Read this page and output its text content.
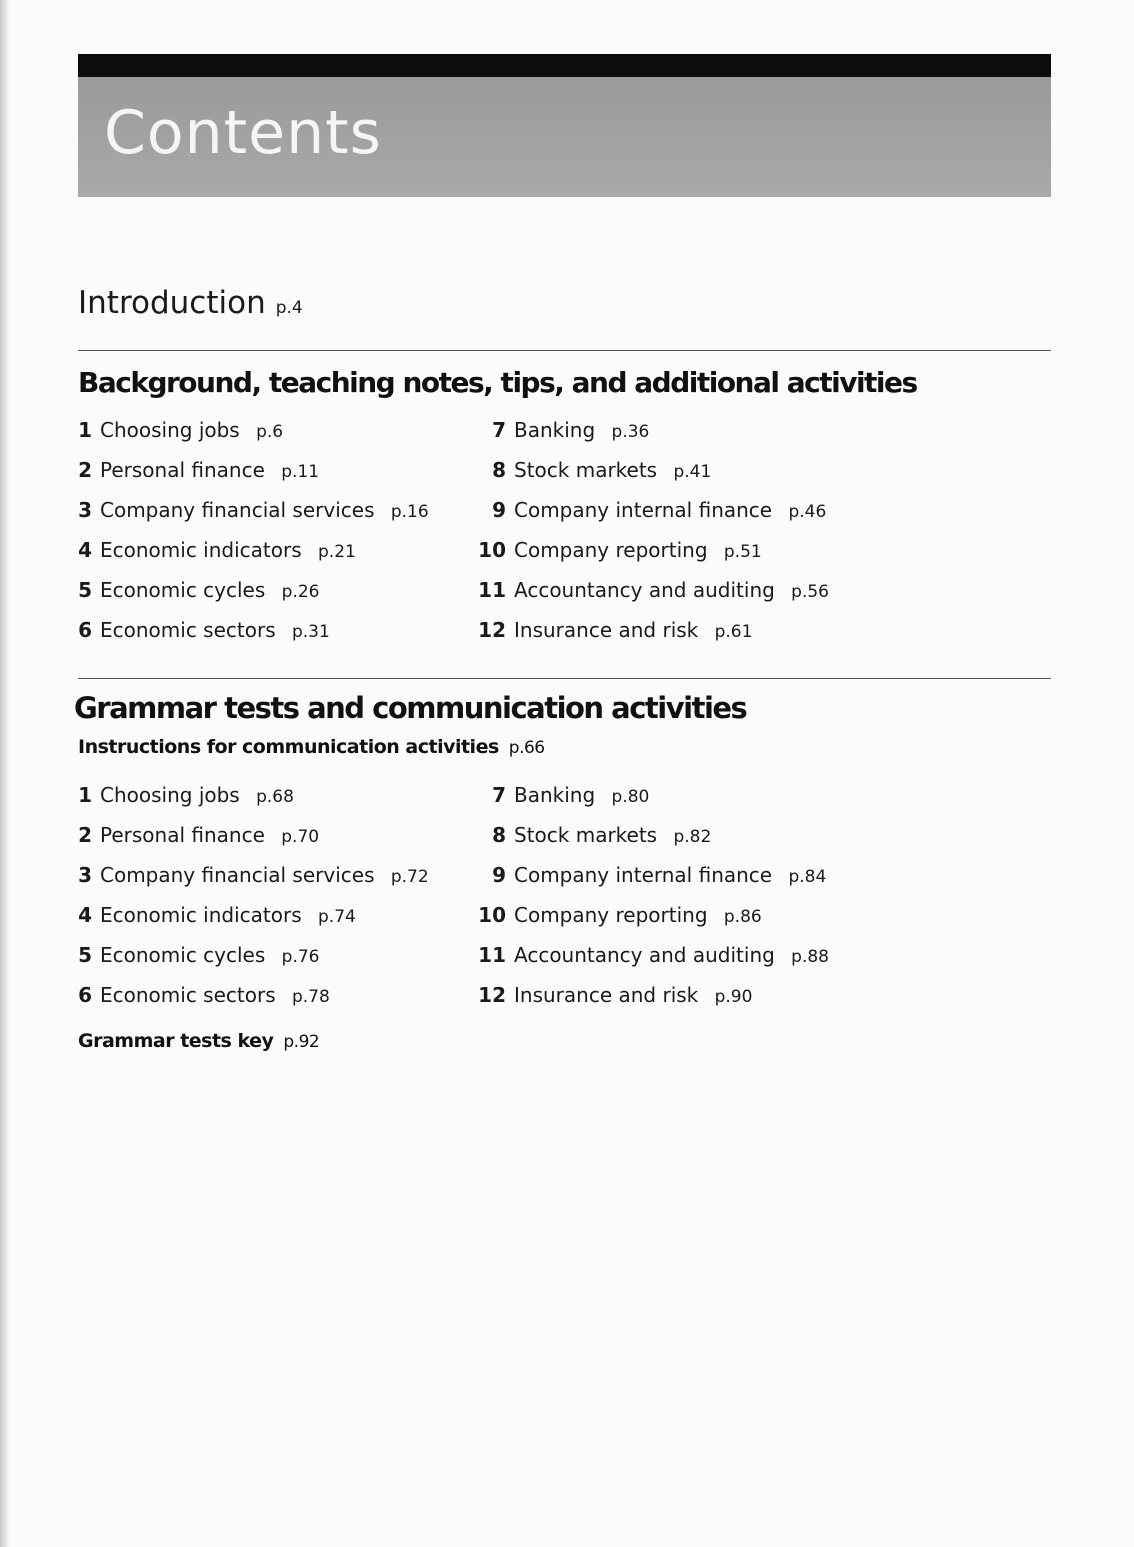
Contents
Introduction p.4
Background, teaching notes, tips, and additional activities
1 Choosing jobs p.6
2 Personal finance p.11
3 Company financial services p.16
4 Economic indicators p.21
5 Economic cycles p.26
6 Economic sectors p.31
7 Banking p.36
8 Stock markets p.41
9 Company internal finance p.46
10 Company reporting p.51
11 Accountancy and auditing p.56
12 Insurance and risk p.61
Grammar tests and communication activities
Instructions for communication activities p.66
1 Choosing jobs p.68
2 Personal finance p.70
3 Company financial services p.72
4 Economic indicators p.74
5 Economic cycles p.76
6 Economic sectors p.78
7 Banking p.80
8 Stock markets p.82
9 Company internal finance p.84
10 Company reporting p.86
11 Accountancy and auditing p.88
12 Insurance and risk p.90
Grammar tests key p.92
